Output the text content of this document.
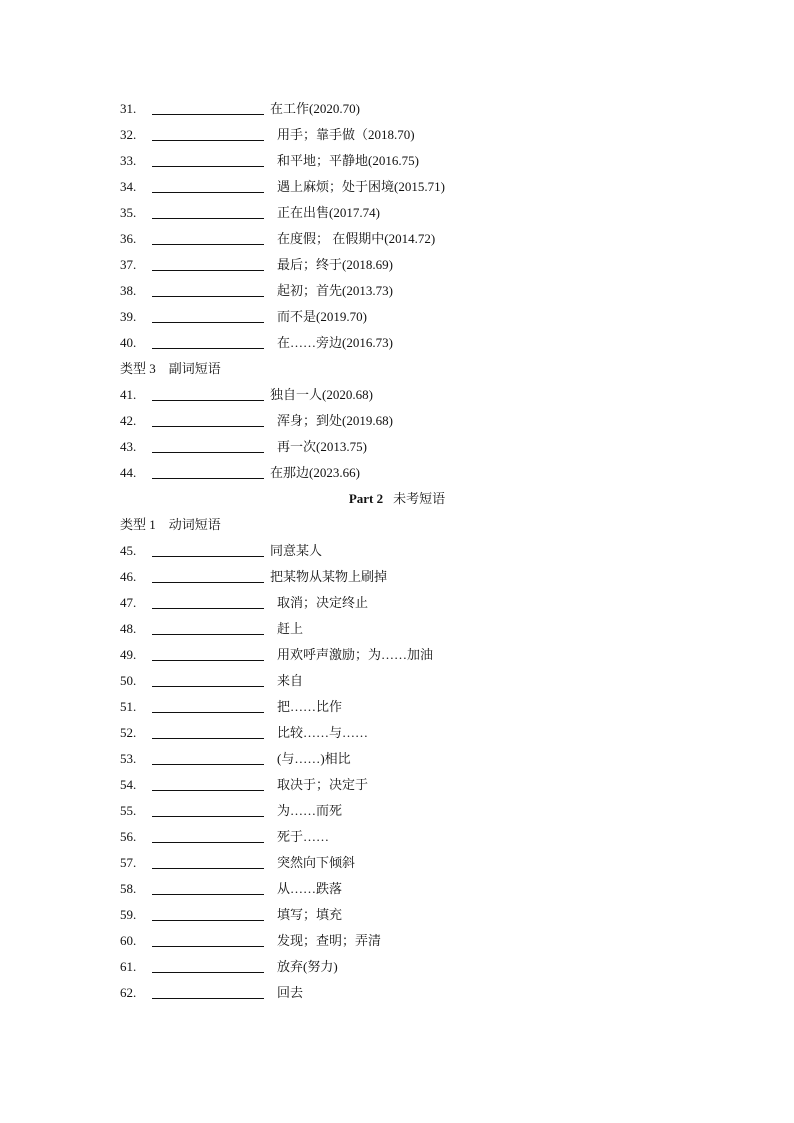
31.	在工作(2020.70)
32.	用手；靠手做（2018.70)
33.	和平地；平静地(2016.75)
34.	遇上麻烦；处于困境(2015.71)
35.	正在出售(2017.74)
36.	在度假； 在假期中(2014.72)
37.	最后；终于(2018.69)
38.	起初；首先(2013.73)
39.	而不是(2019.70)
40.	在……旁边(2016.73)
类型 3　副词短语
41.	独自一人(2020.68)
42.	浑身；到处(2019.68)
43.	再一次(2013.75)
44.	在那边(2023.66)
Part 2 未考短语
类型 1　动词短语
45.	同意某人
46.	把某物从某物上刷掉
47.	取消；决定终止
48.	赶上
49.	用欢呼声激励；为……加油
50.	来自
51.	把……比作
52.	比较……与……
53.	(与……)相比
54.	取决于；决定于
55.	为……而死
56.	死于……
57.	突然向下倾斜
58.	从……跌落
59.	填写；填充
60.	发现；查明；弄清
61.	放弃(努力)
62.	回去
